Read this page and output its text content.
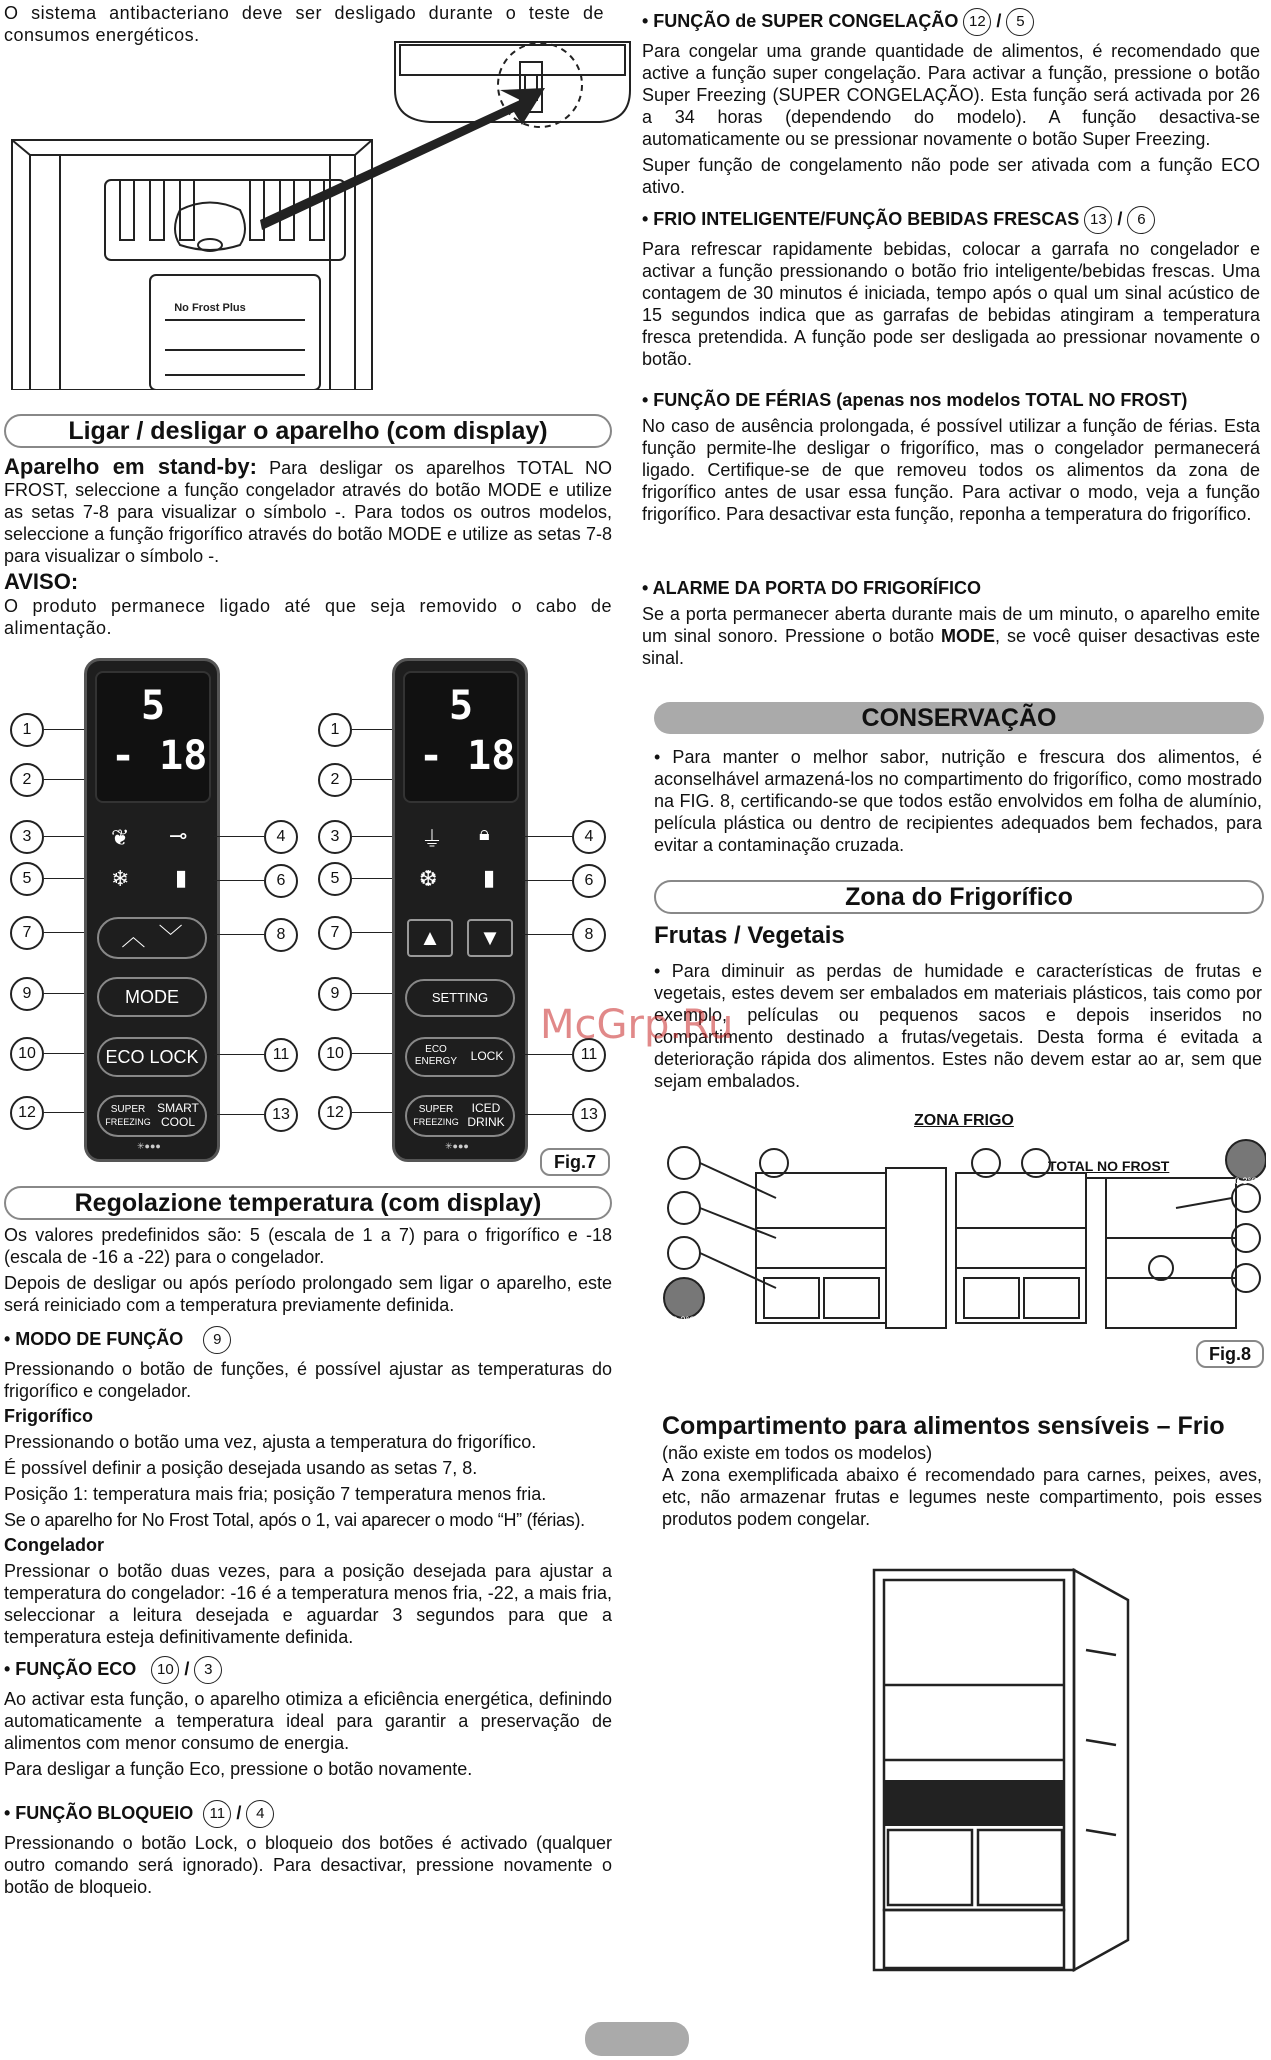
O sistema antibacteriano deve ser desligado durante o teste de consumos energéticos.

No Frost Plus
• FUNÇÃO de SUPER CONGELAÇÃO 12 / 5

Para congelar uma grande quantidade de alimentos, é recomendado que active a função super congelação. Para activar a função, pressione o botão Super Freezing (SUPER CONGELAÇÃO). Esta função será activada por 26 a 34 horas (dependendo do modelo). A função desactiva-se automaticamente ou se pressionar novamente o botão Super Freezing.

Super função de congelamento não pode ser ativada com a função ECO ativo.

• FRIO INTELIGENTE/FUNÇÃO BEBIDAS FRESCAS 13 / 6

Para refrescar rapidamente bebidas, colocar a garrafa no congelador e activar a função pressionando o botão frio inteligente/bebidas frescas. Uma contagem de 30 minutos é iniciada, tempo após o qual um sinal acústico de 15 segundos indica que as garrafas de bebidas atingiram a temperatura fresca pretendida. A função pode ser desligada ao pressionar novamente o botão.

• FUNÇÃO DE FÉRIAS (apenas nos modelos TOTAL NO FROST)

No caso de ausência prolongada, é possível utilizar a função de férias. Esta função permite-lhe desligar o frigorífico, mas o congelador permanecerá ligado. Certifique-se de que removeu todos os alimentos da zona de frigorífico antes de usar essa função. Para activar o modo, veja a função frigorífico. Para desactivar esta função, reponha a temperatura do frigorífico.

• ALARME DA PORTA DO FRIGORÍFICO

Se a porta permanecer aberta durante mais de um minuto, o aparelho emite um sinal sonoro. Pressione o botão MODE, se você quiser desactivas este sinal.

Ligar / desligar o aparelho (com display)

Aparelho em stand-by: Para desligar os aparelhos TOTAL NO FROST, seleccione a função congelador através do botão MODE e utilize as setas 7-8 para visualizar o símbolo -. Para todos os outros modelos, seleccione a função frigorífico através do botão MODE e utilize as setas 7-8 para visualizar o símbolo -.

AVISO:

O produto permanece ligado até que seja removido o cabo de alimentação.

1
2
3
5
7
9
10
12
5
- 18
❦ ⊸
❄ ▮
︿ ﹀
MODE
ECO LOCK
SUPER
FREEZING
SMART
COOL
✳●●●
4
6
8
11
13
1
2
3
5
7
9
10
12
5
- 18
⏚ 🔒︎
❆ ▮
▲	▼
SETTING
ECO
ENERGY	LOCK
SUPER
FREEZING
ICED
DRINK
✳●●●
4
6
8
11
13
Fig.7
Regolazione temperatura (com display)

Os valores predefinidos são: 5 (escala de 1 a 7) para o frigorífico e -18 (escala de -16 a -22) para o congelador.

Depois de desligar ou após período prolongado sem ligar o aparelho, este será reiniciado com a temperatura previamente definida.

• MODO DE FUNÇÃO 9

Pressionando o botão de funções, é possível ajustar as temperaturas do frigorífico e congelador.

Frigorífico

Pressionando o botão uma vez, ajusta a temperatura do frigorífico.

É possível definir a posição desejada usando as setas 7, 8.

Posição 1: temperatura mais fria; posição 7 temperatura menos fria.

Se o aparelho for No Frost Total, após o 1, vai aparecer o modo “H” (férias).

Congelador

Pressionar o botão duas vezes, para a posição desejada para ajustar a temperatura do congelador: -16 é a temperatura menos fria, -22, a mais fria, seleccionar a leitura desejada e aguardar 3 segundos para que a temperatura esteja definitivamente definida.

• FUNÇÃO ECO 10 / 3

Ao activar esta função, o aparelho otimiza a eficiência energética, definindo automaticamente a temperatura ideal para garantir a preservação de alimentos com menor consumo de energia.

Para desligar a função Eco, pressione o botão novamente.

• FUNÇÃO BLOQUEIO 11 / 4

Pressionando o botão Lock, o bloqueio dos botões é activado (qualquer outro comando será ignorado). Para desactivar, pressione novamente o botão de bloqueio.

CONSERVAÇÃO

• Para manter o melhor sabor, nutrição e frescura dos alimentos, é aconselhável armazená-los no compartimento do frigorífico, como mostrado na FIG. 8, certificando-se que todos estão envolvidos em folha de alumínio, película plástica ou dentro de recipientes adequados bem fechados, para evitar a contaminação cruzada.

Zona do Frigorífico

Frutas / Vegetais

• Para diminuir as perdas de humidade e características de frutas e vegetais, estes devem ser embalados em materiais plásticos, tais como por exemplo, películas ou pequenos sacos e depois inseridos no compartimento destinado a frutas/vegetais. Desta forma é evitada a deterioração rápida dos alimentos. Estes não devem estar ao ar, sem que sejam embalados.

McGrp.Ru
ZONA FRIGO
TOTAL NO FROST
0-3°C
0-3°C
Fig.8

Compartimento para alimentos sensíveis – Frio

(não existe em todos os modelos)

A zona exemplificada abaixo é recomendado para carnes, peixes, aves, etc, não armazenar frutas e legumes neste compartimento, pois esses produtos podem congelar.
